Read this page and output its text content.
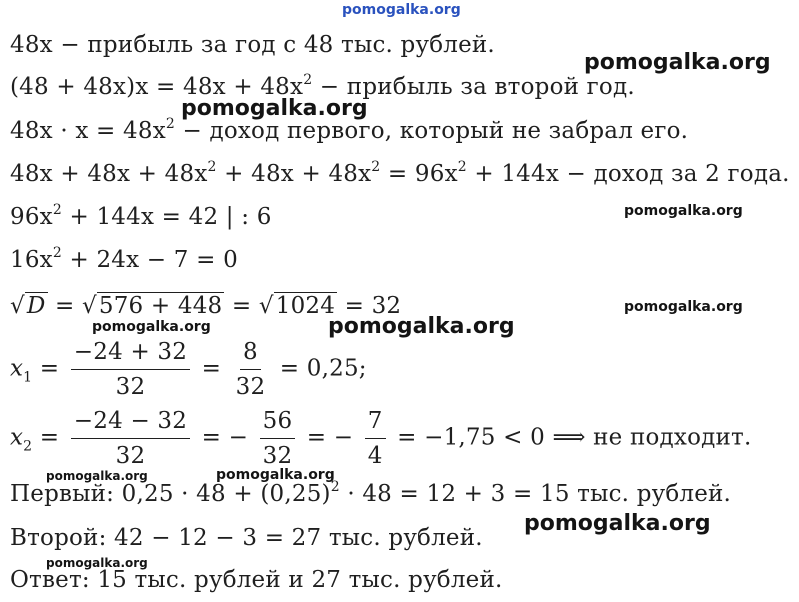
pomogalka.org
pomogalka.org
pomogalka.org
pomogalka.org
pomogalka.org
pomogalka.org	pomogalka.org
pomogalka.org	pomogalka.org
pomogalka.org
pomogalka.org
48x − прибыль за год с 48 тыс. рублей.
$(48 + 48x)x = 48x + 48x^2$ − прибыль за второй год.
$48x \cdot x = 48x^2$ − доход первого, который не забрал его.
$48x + 48x + 48x^2 + 48x + 48x^2 = 96x^2 + 144x$ − доход за 2 года.
$96x^2 + 144x = 42$ | : 6
$16x^2 + 24x - 7 = 0$
√D = √576 + 448 = √1024 = 32
$x_1 = \frac{-24 + 32}{32} = \frac{8}{32} = 0,25$;
$x_2 = \frac{-24 - 32}{32}$ = − $\frac{56}{32}$ = − $\frac{7}{4} = -1,75 < 0$ ⟹ не подходит.
Первый: $0,25 \cdot 48 + (0,25)^2 \cdot 48 = 12 + 3 = 15$ тыс. рублей.
Второй: 42 − 12 − 3 = 27 тыс. рублей.
Ответ: 15 тыс. рублей и 27 тыс. рублей.
